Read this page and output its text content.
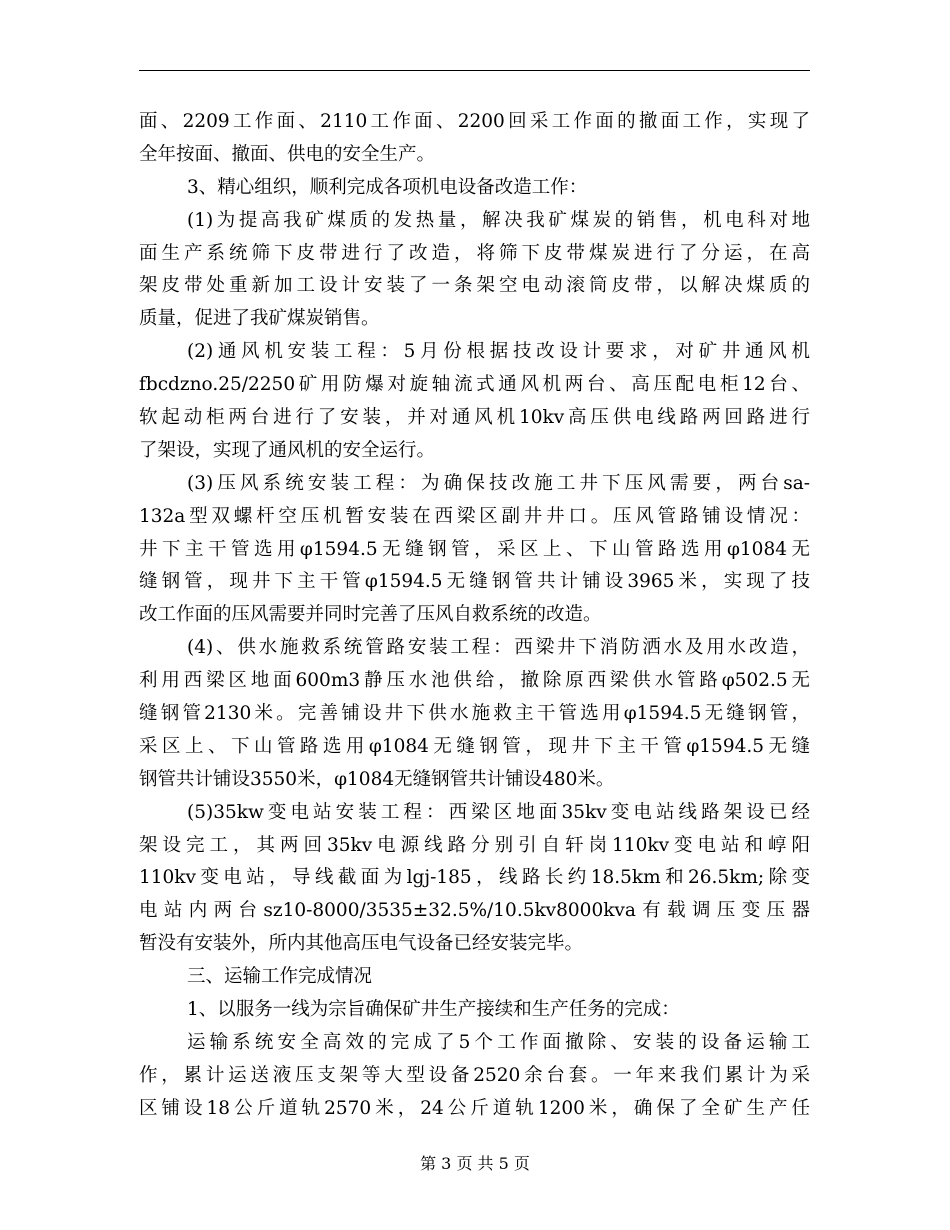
面、2209工作面、2110工作面、2200回采工作面的撤面工作，实现了
全年按面、撤面、供电的安全生产。
3、精心组织，顺利完成各项机电设备改造工作：
(1)为提高我矿煤质的发热量，解决我矿煤炭的销售，机电科对地
面生产系统筛下皮带进行了改造，将筛下皮带煤炭进行了分运，在高
架皮带处重新加工设计安装了一条架空电动滚筒皮带，以解决煤质的
质量，促进了我矿煤炭销售。
(2)通风机安装工程：5月份根据技改设计要求，对矿井通风机
fbcdzno.25/2250矿用防爆对旋轴流式通风机两台、高压配电柜12台、
软起动柜两台进行了安装，并对通风机10kv高压供电线路两回路进行
了架设，实现了通风机的安全运行。
(3)压风系统安装工程：为确保技改施工井下压风需要，两台sa-
132a型双螺杆空压机暂安装在西梁区副井井口。压风管路铺设情况：
井下主干管选用φ1594.5无缝钢管，采区上、下山管路选用φ1084无
缝钢管，现井下主干管φ1594.5无缝钢管共计铺设3965米，实现了技
改工作面的压风需要并同时完善了压风自救系统的改造。
(4)、供水施救系统管路安装工程：西梁井下消防洒水及用水改造，
利用西梁区地面600m3静压水池供给，撤除原西梁供水管路φ502.5无
缝钢管2130米。完善铺设井下供水施救主干管选用φ1594.5无缝钢管，
采区上、下山管路选用φ1084无缝钢管，现井下主干管φ1594.5无缝
钢管共计铺设3550米，φ1084无缝钢管共计铺设480米。
(5)35kw变电站安装工程：西梁区地面35kv变电站线路架设已经
架设完工，其两回35kv电源线路分别引自轩岗110kv变电站和崞阳
110kv变电站，导线截面为lgj-185，线路长约18.5km和26.5km;除变
电站内两台sz10-8000/3535±32.5%/10.5kv8000kva有载调压变压器
暂没有安装外，所内其他高压电气设备已经安装完毕。
三、运输工作完成情况
1、以服务一线为宗旨确保矿井生产接续和生产任务的完成：
运输系统安全高效的完成了5个工作面撤除、安装的设备运输工
作，累计运送液压支架等大型设备2520余台套。一年来我们累计为采
区铺设18公斤道轨2570米，24公斤道轨1200米，确保了全矿生产任
第 3 页 共 5 页
